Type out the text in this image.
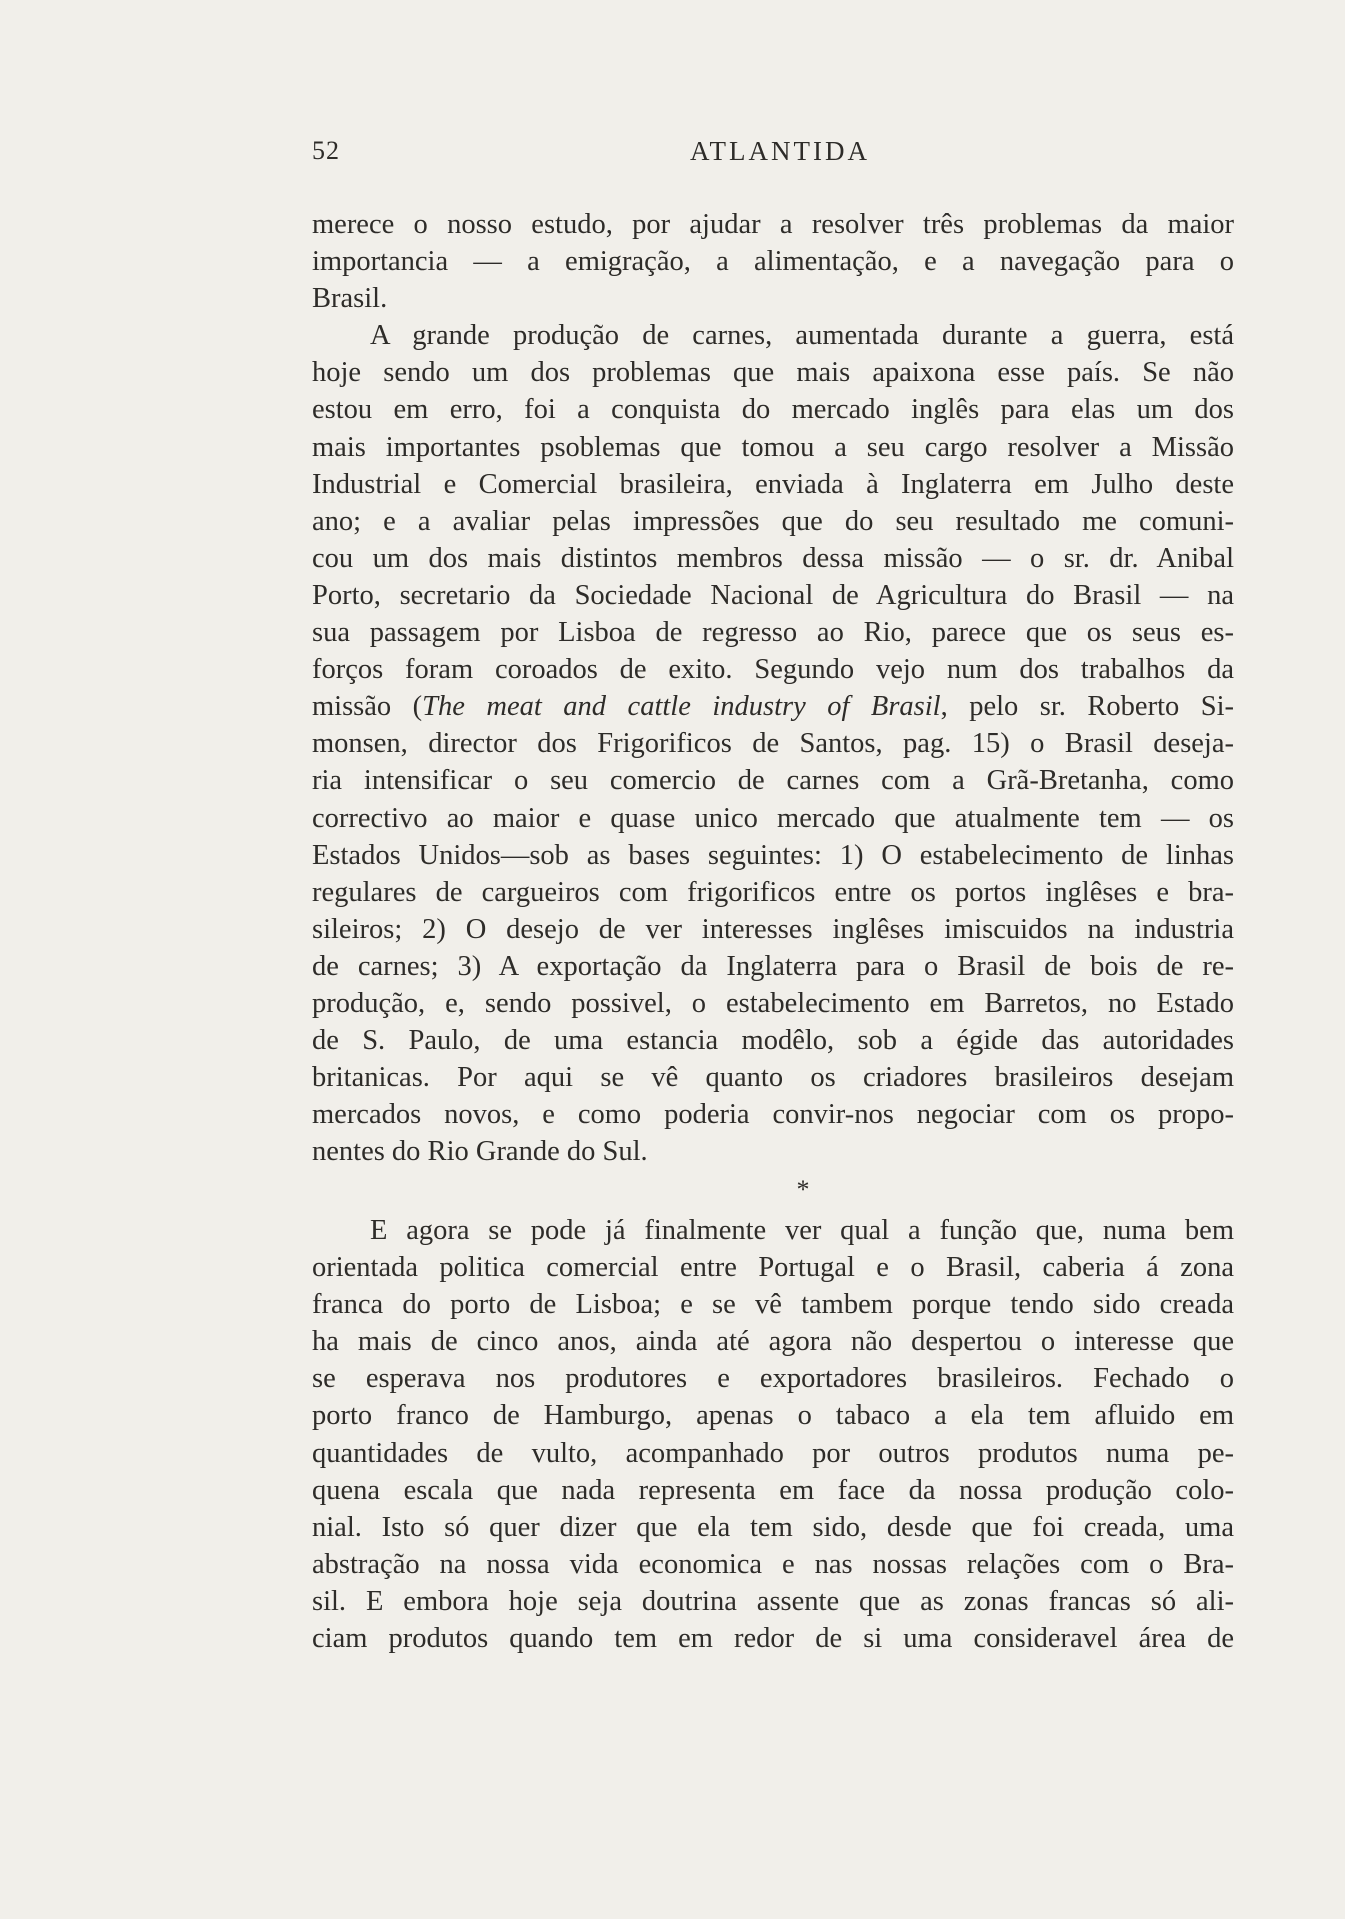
52	ATLANTIDA
merece o nosso estudo, por ajudar a resolver três problemas da maior
importancia — a emigração, a alimentação, e a navegação para o
Brasil.
A grande produção de carnes, aumentada durante a guerra, está
hoje sendo um dos problemas que mais apaixona esse país. Se não
estou em erro, foi a conquista do mercado inglês para elas um dos
mais importantes psoblemas que tomou a seu cargo resolver a Missão
Industrial e Comercial brasileira, enviada à Inglaterra em Julho deste
ano; e a avaliar pelas impressões que do seu resultado me comuni-
cou um dos mais distintos membros dessa missão — o sr. dr. Anibal
Porto, secretario da Sociedade Nacional de Agricultura do Brasil — na
sua passagem por Lisboa de regresso ao Rio, parece que os seus es-
forços foram coroados de exito. Segundo vejo num dos trabalhos da
missão (The meat and cattle industry of Brasil, pelo sr. Roberto Si-
monsen, director dos Frigorificos de Santos, pag. 15) o Brasil deseja-
ria intensificar o seu comercio de carnes com a Grã-Bretanha, como
correctivo ao maior e quase unico mercado que atualmente tem — os
Estados Unidos—sob as bases seguintes: 1) O estabelecimento de linhas
regulares de cargueiros com frigorificos entre os portos inglêses e bra-
sileiros; 2) O desejo de ver interesses inglêses imiscuidos na industria
de carnes; 3) A exportação da Inglaterra para o Brasil de bois de re-
produção, e, sendo possivel, o estabelecimento em Barretos, no Estado
de S. Paulo, de uma estancia modêlo, sob a égide das autoridades
britanicas. Por aqui se vê quanto os criadores brasileiros desejam
mercados novos, e como poderia convir-nos negociar com os propo-
nentes do Rio Grande do Sul.
*
E agora se pode já finalmente ver qual a função que, numa bem
orientada politica comercial entre Portugal e o Brasil, caberia á zona
franca do porto de Lisboa; e se vê tambem porque tendo sido creada
ha mais de cinco anos, ainda até agora não despertou o interesse que
se esperava nos produtores e exportadores brasileiros. Fechado o
porto franco de Hamburgo, apenas o tabaco a ela tem afluido em
quantidades de vulto, acompanhado por outros produtos numa pe-
quena escala que nada representa em face da nossa produção colo-
nial. Isto só quer dizer que ela tem sido, desde que foi creada, uma
abstração na nossa vida economica e nas nossas relações com o Bra-
sil. E embora hoje seja doutrina assente que as zonas francas só ali-
ciam produtos quando tem em redor de si uma consideravel área de
